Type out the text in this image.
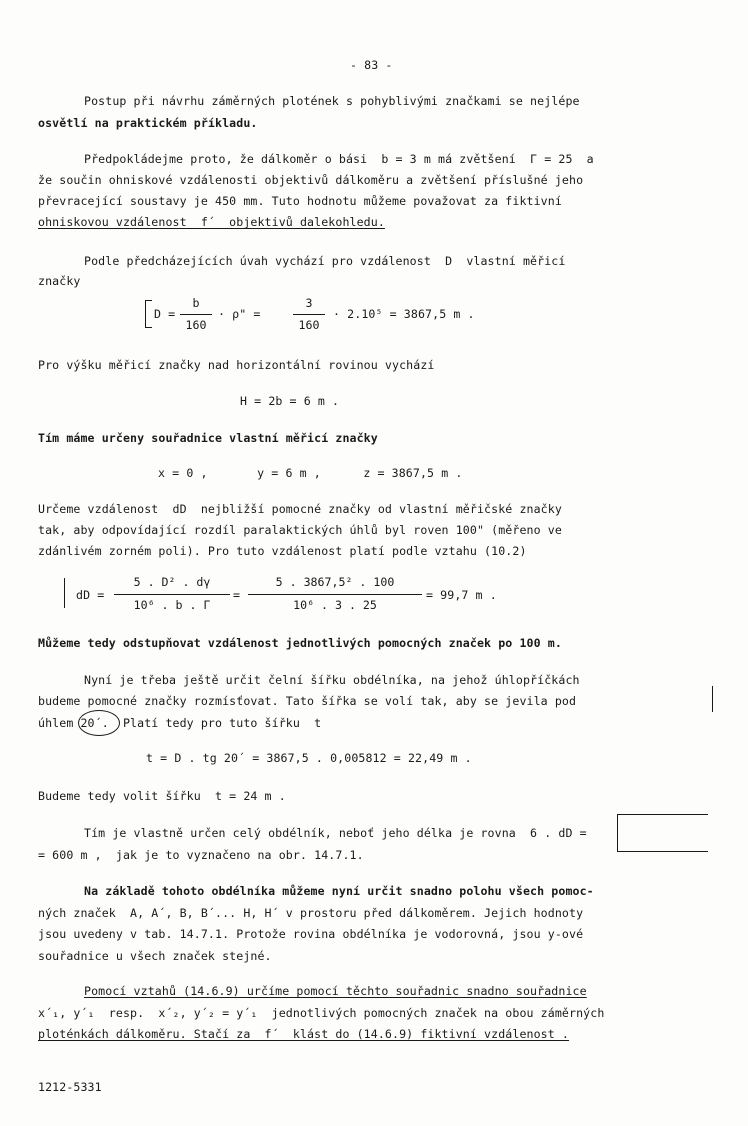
- 83 -
Postup při návrhu záměrných plotének s pohyblivými značkami se nejlépe
osvětlí na praktickém příkladu.
Předpokládejme proto, že dálkoměr o bási  b = 3 m má zvětšení  Γ = 25  a
že součin ohniskové vzdálenosti objektivů dálkoměru a zvětšení příslušné jeho
převracející soustavy je 450 mm. Tuto hodnotu můžeme považovat za fiktivní
ohniskovou vzdálenost  f´  objektivů dalekohledu.
Podle předcházejících úvah vychází pro vzdálenost  D  vlastní měřicí
značky
D =
b
160
· ρ" =
3
160
· 2.10⁵ = 3867,5 m .
Pro výšku měřicí značky nad horizontální rovinou vychází
H = 2b = 6 m .
Tím máme určeny souřadnice vlastní měřicí značky
x = 0 ,       y = 6 m ,      z = 3867,5 m .
Určeme vzdálenost  dD  nejbližší pomocné značky od vlastní měřičské značky
tak, aby odpovídající rozdíl paralaktických úhlů byl roven 100" (měřeno ve
zdánlivém zorném poli). Pro tuto vzdálenost platí podle vztahu (10.2)
dD =
5 . D² . dγ
10⁶ . b . Γ
=
5 . 3867,5² . 100
10⁶ . 3 . 25
= 99,7 m .
Můžeme tedy odstupňovat vzdálenost jednotlivých pomocných značek po 100 m.
Nyní je třeba ještě určit čelní šířku obdélníka, na jehož úhlopříčkách
budeme pomocné značky rozmísťovat. Tato šířka se volí tak, aby se jevila pod
úhlem 20´.  Platí tedy pro tuto šířku  t
t = D . tg 20´ = 3867,5 . 0,005812 = 22,49 m .
Budeme tedy volit šířku  t = 24 m .
Tím je vlastně určen celý obdélník, neboť jeho délka je rovna  6 . dD =
= 600 m ,  jak je to vyznačeno na obr. 14.7.1.
Na základě tohoto obdélníka můžeme nyní určit snadno polohu všech pomoc-
ných značek  A, A´, B, B´... H, H´ v prostoru před dálkoměrem. Jejich hodnoty
jsou uvedeny v tab. 14.7.1. Protože rovina obdélníka je vodorovná, jsou y-ové
souřadnice u všech značek stejné.
Pomocí vztahů (14.6.9) určíme pomocí těchto souřadnic snadno souřadnice
x´₁, y´₁  resp.  x´₂, y´₂ = y´₁  jednotlivých pomocných značek na obou záměrných
ploténkách dálkoměru. Stačí za  f´  klást do (14.6.9) fiktivní vzdálenost .
1212-5331
